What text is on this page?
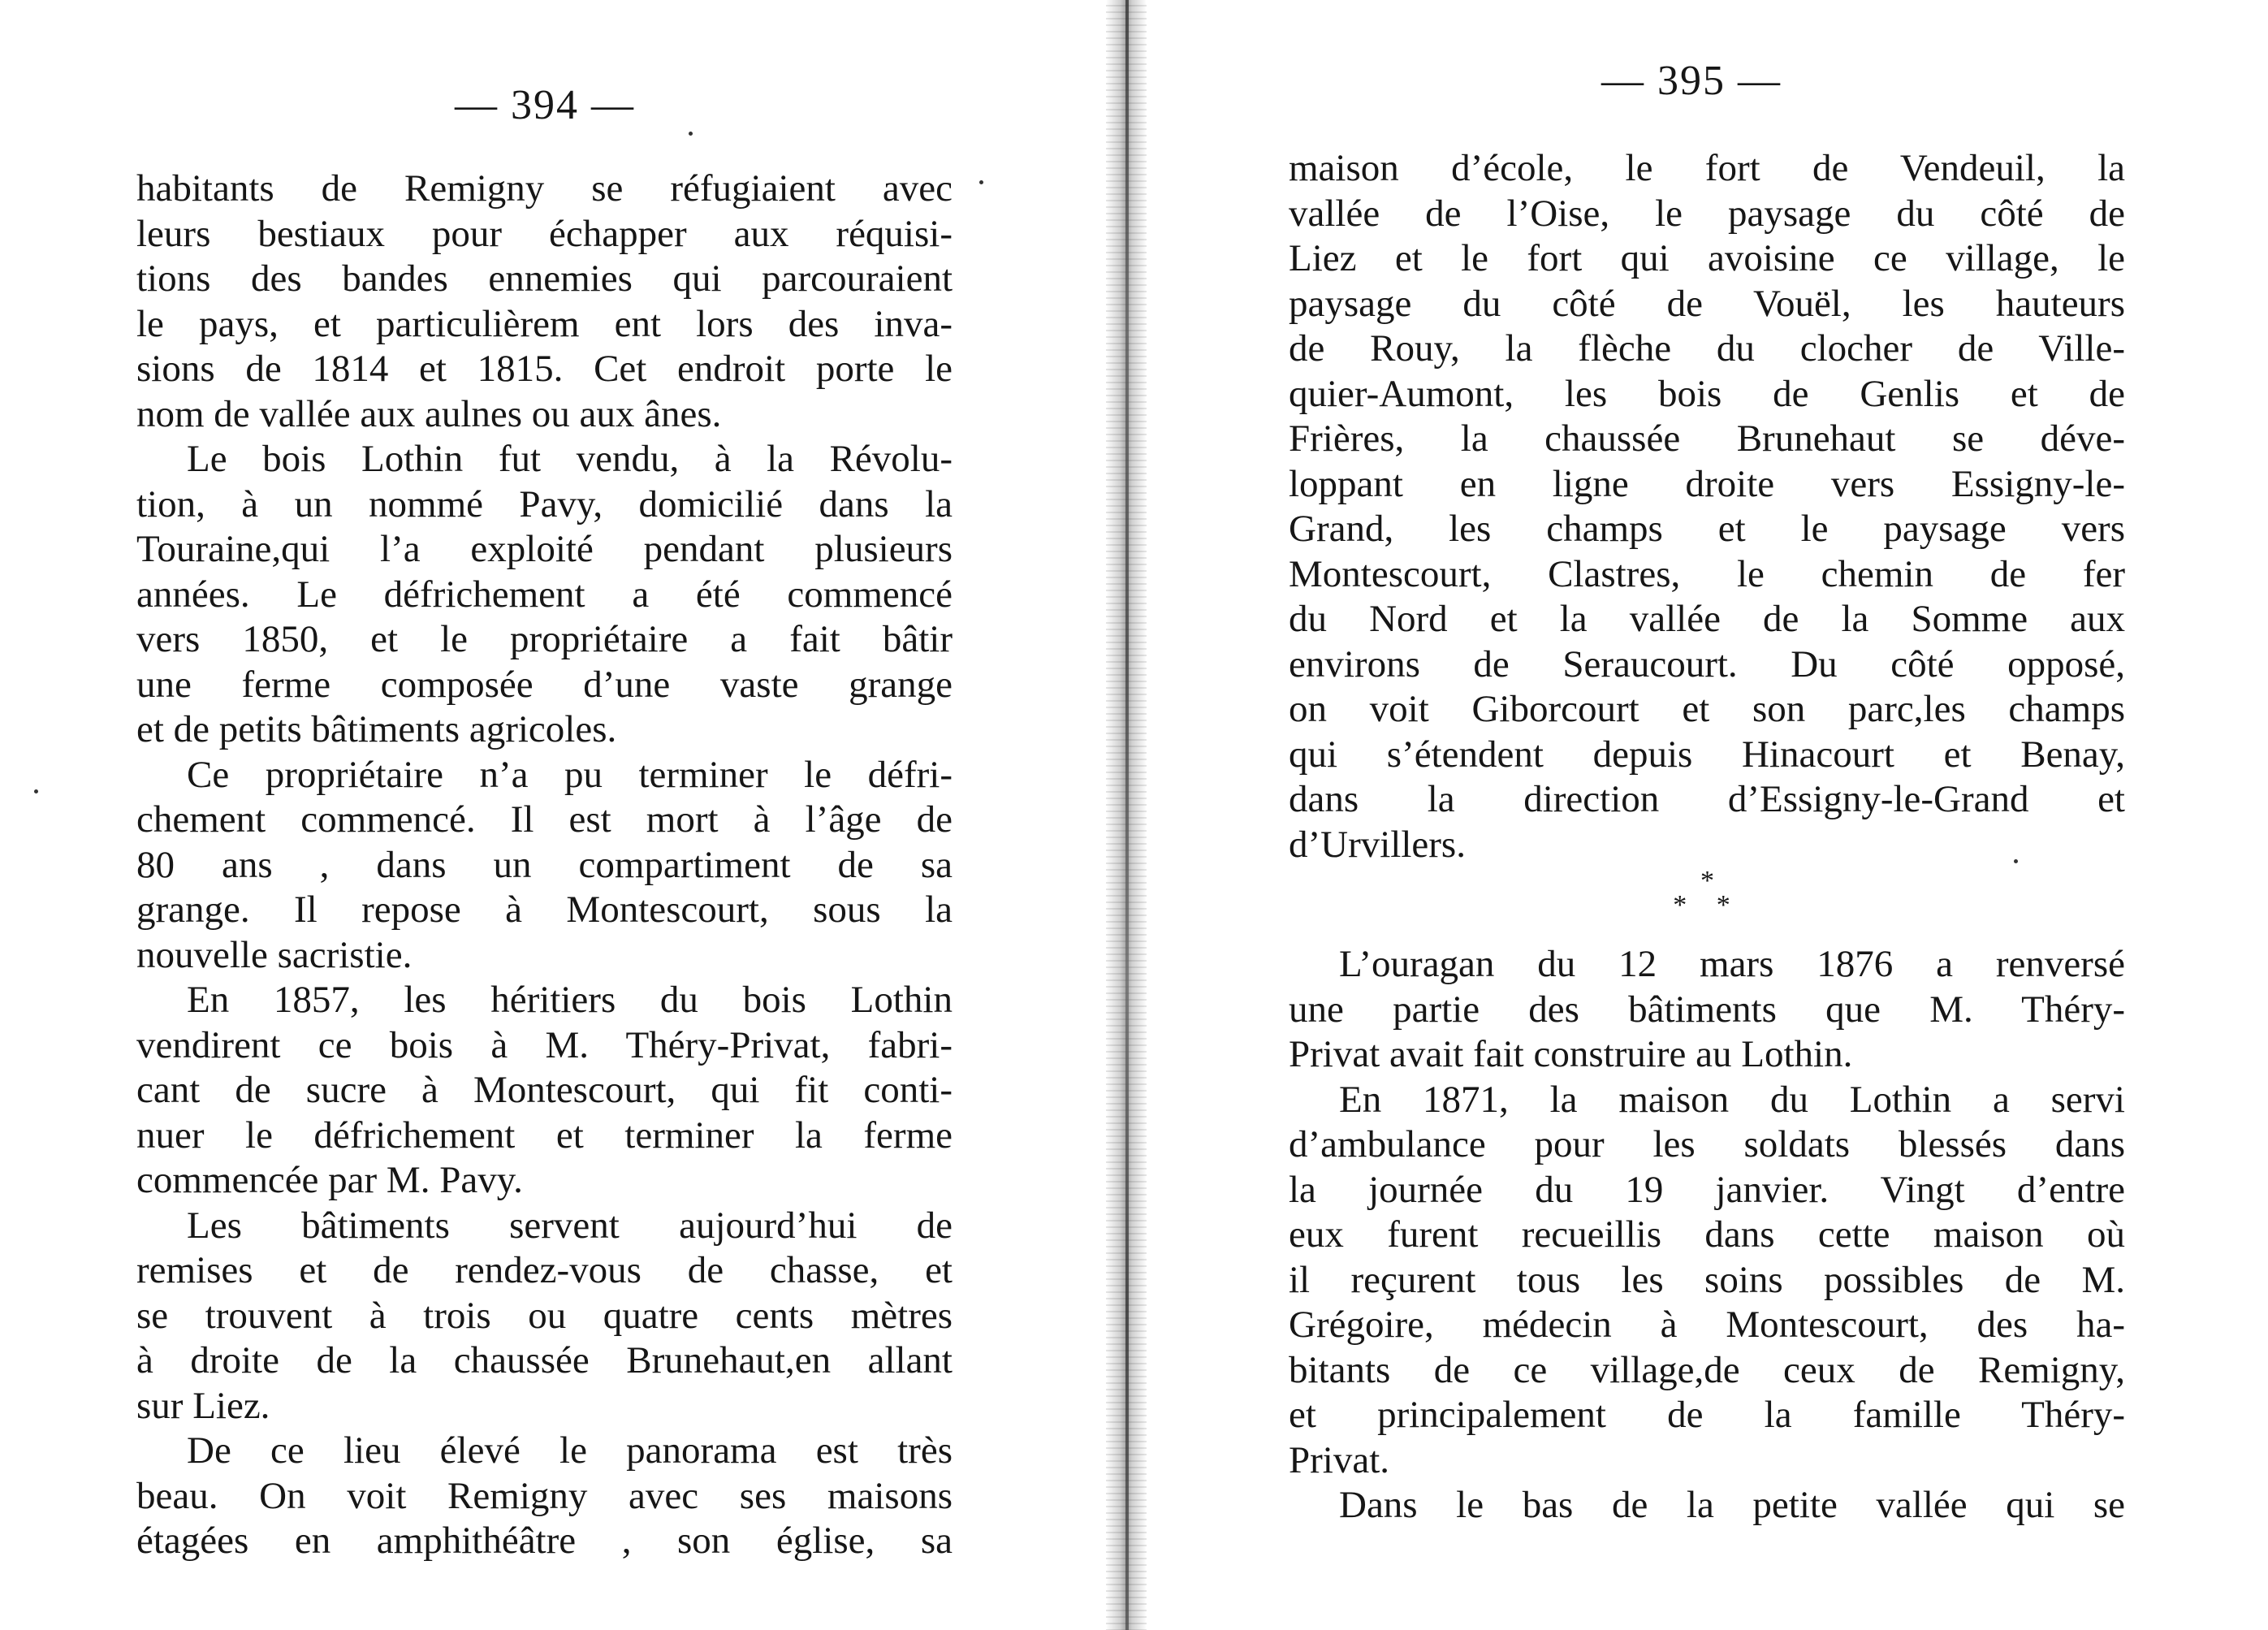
— 394 —
habitants de Remigny se réfugiaient avec
leurs bestiaux pour échapper aux réquisi-
tions des bandes ennemies qui parcouraient
le pays, et particulièrem ent lors des inva-
sions de 1814 et 1815. Cet endroit porte le
nom de vallée aux aulnes ou aux ânes.
Le bois Lothin fut vendu, à la Révolu-
tion, à un nommé Pavy, domicilié dans la
Touraine,qui l’a exploité pendant plusieurs
années. Le défrichement a été commencé
vers 1850, et le propriétaire a fait bâtir
une ferme composée d’une vaste grange
et de petits bâtiments agricoles.
Ce propriétaire n’a pu terminer le défri-
chement commencé. Il est mort à l’âge de
80 ans , dans un compartiment de sa
grange. Il repose à Montescourt, sous la
nouvelle sacristie.
En 1857, les héritiers du bois Lothin
vendirent ce bois à M. Théry-Privat, fabri-
cant de sucre à Montescourt, qui fit conti-
nuer le défrichement et terminer la ferme
commencée par M. Pavy.
Les bâtiments servent aujourd’hui de
remises et de rendez-vous de chasse, et
se trouvent à trois ou quatre cents mètres
à droite de la chaussée Brunehaut,en allant
sur Liez.
De ce lieu élevé le panorama est très
beau. On voit Remigny avec ses maisons
étagées en amphithéâtre , son église, sa
— 395 —
maison d’école, le fort de Vendeuil, la
vallée de l’Oise, le paysage du côté de
Liez et le fort qui avoisine ce village, le
paysage du côté de Vouël, les hauteurs
de Rouy, la flèche du clocher de Ville-
quier-Aumont, les bois de Genlis et de
Frières, la chaussée Brunehaut se déve-
loppant en ligne droite vers Essigny-le-
Grand, les champs et le paysage vers
Montescourt, Clastres, le chemin de fer
du Nord et la vallée de la Somme aux
environs de Seraucourt. Du côté opposé,
on voit Giborcourt et son parc,les champs
qui s’étendent depuis Hinacourt et Benay,
dans la direction d’Essigny-le-Grand et
d’Urvillers.
*
* *
L’ouragan du 12 mars 1876 a renversé
une partie des bâtiments que M. Théry-
Privat avait fait construire au Lothin.
En 1871, la maison du Lothin a servi
d’ambulance pour les soldats blessés dans
la journée du 19 janvier. Vingt d’entre
eux furent recueillis dans cette maison où
il reçurent tous les soins possibles de M.
Grégoire, médecin à Montescourt, des ha-
bitants de ce village,de ceux de Remigny,
et principalement de la famille Théry-
Privat.
Dans le bas de la petite vallée qui se
